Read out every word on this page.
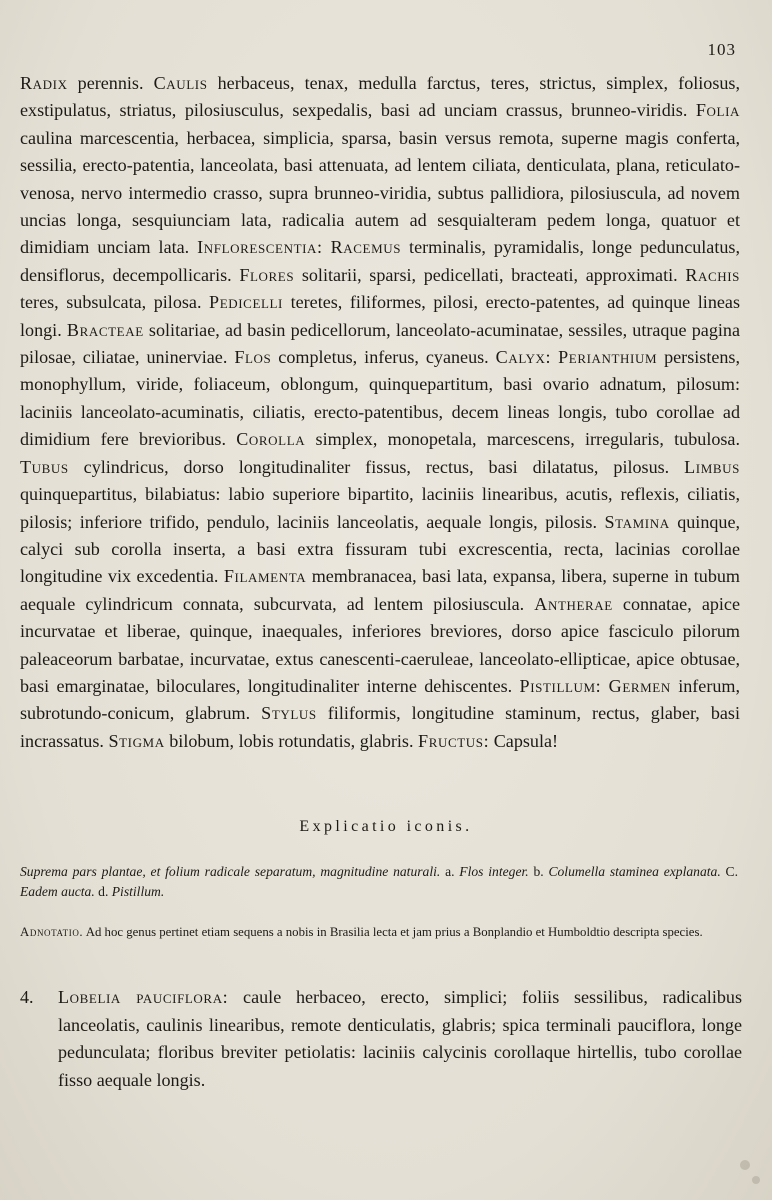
103
Radix perennis. Caulis herbaceus, tenax, medulla farctus, teres, strictus, simplex, foliosus, exstipulatus, striatus, pilosiusculus, sexpedalis, basi ad unciam crassus, brunneo-viridis. Folia caulina marcescentia, herbacea, simplicia, sparsa, basin versus remota, superne magis conferta, sessilia, erecto-patentia, lanceolata, basi attenuata, ad lentem ciliata, denticulata, plana, reticulato-venosa, nervo intermedio crasso, supra brunneo-viridia, subtus pallidiora, pilosiuscula, ad novem uncias longa, sesquiunciam lata, radicalia autem ad sesquialteram pedem longa, quatuor et dimidiam unciam lata. Inflorescentia: Racemus terminalis, pyramidalis, longe pedunculatus, densiflorus, decempollicaris. Flores solitarii, sparsi, pedicellati, bracteati, approximati. Rachis teres, subsulcata, pilosa. Pedicelli teretes, filiformes, pilosi, erecto-patentes, ad quinque lineas longi. Bracteae solitariae, ad basin pedicellorum, lanceolato-acuminatae, sessiles, utraque pagina pilosae, ciliatae, uninerviae. Flos completus, inferus, cyaneus. Calyx: Perianthium persistens, monophyllum, viride, foliaceum, oblongum, quinquepartitum, basi ovario adnatum, pilosum: laciniis lanceolato-acuminatis, ciliatis, erecto-patentibus, decem lineas longis, tubo corollae ad dimidium fere brevioribus. Corolla simplex, monopetala, marcescens, irregularis, tubulosa. Tubus cylindricus, dorso longitudinaliter fissus, rectus, basi dilatatus, pilosus. Limbus quinquepartitus, bilabiatus: labio superiore bipartito, laciniis linearibus, acutis, reflexis, ciliatis, pilosis; inferiore trifido, pendulo, laciniis lanceolatis, aequale longis, pilosis. Stamina quinque, calyci sub corolla inserta, a basi extra fissuram tubi excrescentia, recta, lacinias corollae longitudine vix excedentia. Filamenta membranacea, basi lata, expansa, libera, superne in tubum aequale cylindricum connata, subcurvata, ad lentem pilosiuscula. Antherae connatae, apice incurvatae et liberae, quinque, inaequales, inferiores breviores, dorso apice fasciculo pilorum paleaceorum barbatae, incurvatae, extus canescenti-caeruleae, lanceolato-ellipticae, apice obtusae, basi emarginatae, biloculares, longitudinaliter interne dehiscentes. Pistillum: Germen inferum, subrotundo-conicum, glabrum. Stylus filiformis, longitudine staminum, rectus, glaber, basi incrassatus. Stigma bilobum, lobis rotundatis, glabris. Fructus: Capsula!
Explicatio iconis.
Suprema pars plantae, et folium radicale separatum, magnitudine naturali. a. Flos integer. b. Columella staminea explanata. C. Eadem aucta. d. Pistillum.
Adnotatio. Ad hoc genus pertinet etiam sequens a nobis in Brasilia lecta et jam prius a Bonplandio et Humboldtio descripta species.
4. Lobelia pauciflora: caule herbaceo, erecto, simplici; foliis sessilibus, radicalibus lanceolatis, caulinis linearibus, remote denticulatis, glabris; spica terminali pauciflora, longe pedunculata; floribus breviter petiolatis: laciniis calycinis corollaque hirtellis, tubo corollae fisso aequale longis.
